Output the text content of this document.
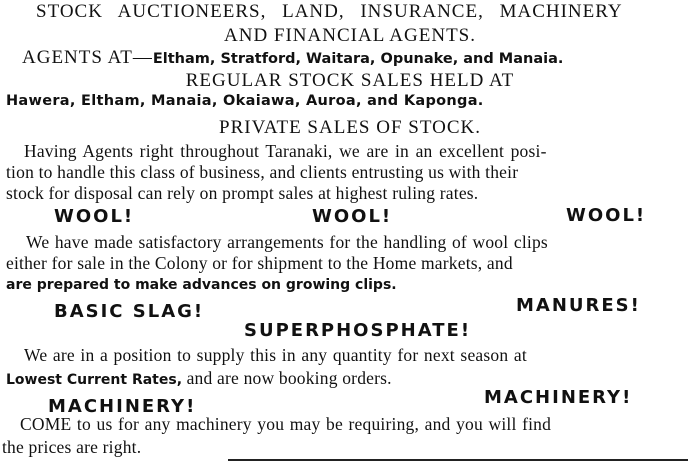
STOCK AUCTIONEERS, LAND, INSURANCE, MACHINERY
AND FINANCIAL AGENTS.
AGENTS AT—Eltham, Stratford, Waitara, Opunake, and Manaia.
REGULAR STOCK SALES HELD AT
Hawera, Eltham, Manaia, Okaiawa, Auroa, and Kaponga.
PRIVATE SALES OF STOCK.
Having Agents right throughout Taranaki, we are in an excellent posi-
tion to handle this class of business, and clients entrusting us with their
stock for disposal can rely on prompt sales at highest ruling rates.
WOOL!	WOOL!	WOOL!
We have made satisfactory arrangements for the handling of wool clips
either for sale in the Colony or for shipment to the Home markets, and
are prepared to make advances on growing clips.
BASIC SLAG!	MANURES!
SUPERPHOSPHATE!
We are in a position to supply this in any quantity for next season at
Lowest Current Rates, and are now booking orders.
MACHINERY!	MACHINERY!
COME to us for any machinery you may be requiring, and you will find
the prices are right.
